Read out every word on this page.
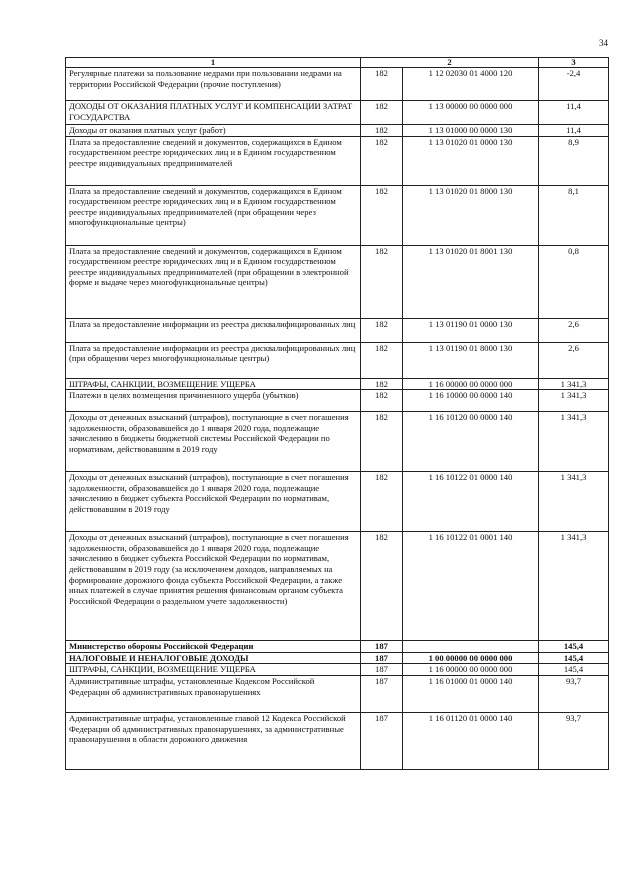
34
1	2		3
Регулярные платежи за пользование недрами при пользовании недрами на территории Российской Федерации (прочие поступления)	182	1 12 02030 01 4000 120	-2,4
ДОХОДЫ ОТ ОКАЗАНИЯ ПЛАТНЫХ УСЛУГ И КОМПЕНСАЦИИ ЗАТРАТ ГОСУДАРСТВА	182	1 13 00000 00 0000 000	11,4
Доходы от оказания платных услуг (работ)	182	1 13 01000 00 0000 130	11,4
Плата за предоставление сведений и документов, содержащихся в Едином государственном реестре юридических лиц и в Едином государственном реестре индивидуальных предпринимателей	182	1 13 01020 01 0000 130	8,9
Плата за предоставление сведений и документов, содержащихся в Едином государственном реестре юридических лиц и в Едином государственном реестре индивидуальных предпринимателей (при обращении через многофункциональные центры)	182	1 13 01020 01 8000 130	8,1
Плата за предоставление сведений и документов, содержащихся в Едином государственном реестре юридических лиц и в Едином государственном реестре индивидуальных предпринимателей (при обращении в электронной форме и выдаче через многофункциональные центры)	182	1 13 01020 01 8001 130	0,8
Плата за предоставление информации из реестра дисквалифицированных лиц	182	1 13 01190 01 0000 130	2,6
Плата за предоставление информации из реестра дисквалифицированных лиц (при обращении через многофункциональные центры)	182	1 13 01190 01 8000 130	2,6
ШТРАФЫ, САНКЦИИ, ВОЗМЕЩЕНИЕ УЩЕРБА	182	1 16 00000 00 0000 000	1 341,3
Платежи в целях возмещения причиненного ущерба (убытков)	182	1 16 10000 00 0000 140	1 341,3
Доходы от денежных взысканий (штрафов), поступающие в счет погашения задолженности, образовавшейся до 1 января 2020 года, подлежащие зачислению в бюджеты бюджетной системы Российской Федерации по нормативам, действовавшим в 2019 году	182	1 16 10120 00 0000 140	1 341,3
Доходы от денежных взысканий (штрафов), поступающие в счет погашения задолженности, образовавшейся до 1 января 2020 года, подлежащие зачислению в бюджет субъекта Российской Федерации по нормативам, действовавшим в 2019 году	182	1 16 10122 01 0000 140	1 341,3
Доходы от денежных взысканий (штрафов), поступающие в счет погашения задолженности, образовавшейся до 1 января 2020 года, подлежащие зачислению в бюджет субъекта Российской Федерации по нормативам, действовавшим в 2019 году (за исключением доходов, направляемых на формирование дорожного фонда субъекта Российской Федерации, а также иных платежей в случае принятия решения финансовым органом субъекта Российской Федерации о раздельном учете задолженности)	182	1 16 10122 01 0001 140	1 341,3
Министерство обороны Российской Федерации	187		145,4
НАЛОГОВЫЕ И НЕНАЛОГОВЫЕ ДОХОДЫ	187	1 00 00000 00 0000 000	145,4
ШТРАФЫ, САНКЦИИ, ВОЗМЕЩЕНИЕ УЩЕРБА	187	1 16 00000 00 0000 000	145,4
Административные штрафы, установленные Кодексом Российской Федерации об административных правонарушениях	187	1 16 01000 01 0000 140	93,7
Административные штрафы, установленные главой 12 Кодекса Российской Федерации об административных правонарушениях, за административные правонарушения в области дорожного движения	187	1 16 01120 01 0000 140	93,7
